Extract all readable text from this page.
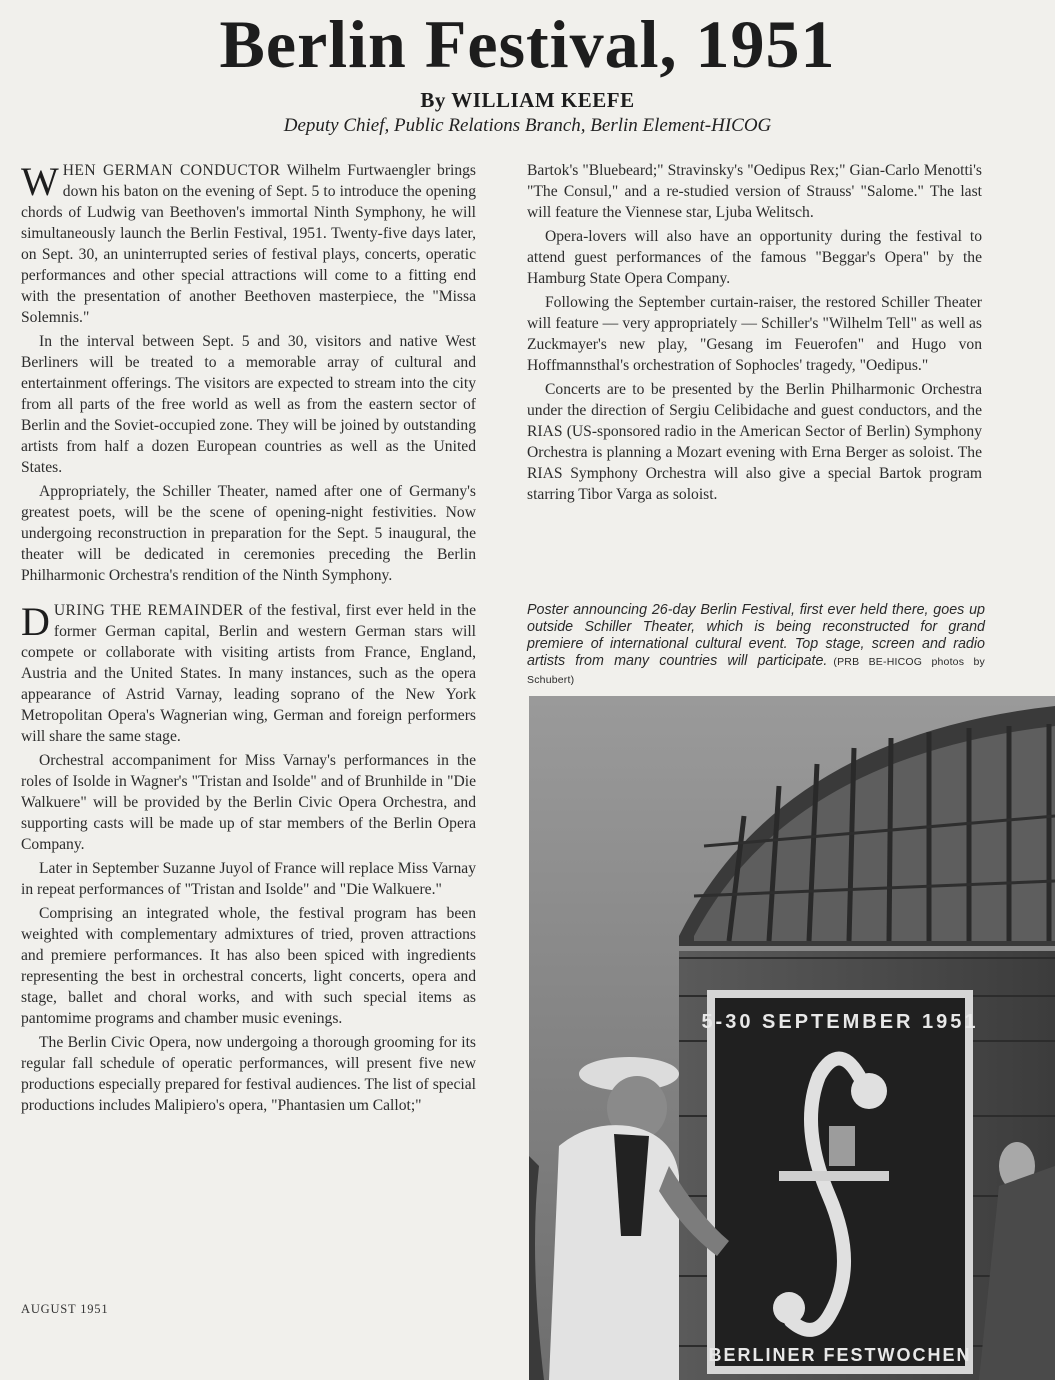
Berlin Festival, 1951
By WILLIAM KEEFE
Deputy Chief, Public Relations Branch, Berlin Element-HICOG

WHEN GERMAN CONDUCTOR Wilhelm Furtwaengler brings down his baton on the evening of Sept. 5 to introduce the opening chords of Ludwig van Beethoven's immortal Ninth Symphony, he will simultaneously launch the Berlin Festival, 1951. Twenty-five days later, on Sept. 30, an uninterrupted series of festival plays, concerts, operatic performances and other special attractions will come to a fitting end with the presentation of another Beethoven masterpiece, the "Missa Solemnis."

In the interval between Sept. 5 and 30, visitors and native West Berliners will be treated to a memorable array of cultural and entertainment offerings. The visitors are expected to stream into the city from all parts of the free world as well as from the eastern sector of Berlin and the Soviet-occupied zone. They will be joined by outstanding artists from half a dozen European countries as well as the United States.

Appropriately, the Schiller Theater, named after one of Germany's greatest poets, will be the scene of opening-night festivities. Now undergoing reconstruction in preparation for the Sept. 5 inaugural, the theater will be dedicated in ceremonies preceding the Berlin Philharmonic Orchestra's rendition of the Ninth Symphony.

DURING THE REMAINDER of the festival, first ever held in the former German capital, Berlin and western German stars will compete or collaborate with visiting artists from France, England, Austria and the United States. In many instances, such as the opera appearance of Astrid Varnay, leading soprano of the New York Metropolitan Opera's Wagnerian wing, German and foreign performers will share the same stage.

Orchestral accompaniment for Miss Varnay's performances in the roles of Isolde in Wagner's "Tristan and Isolde" and of Brunhilde in "Die Walkuere" will be provided by the Berlin Civic Opera Orchestra, and supporting casts will be made up of star members of the Berlin Opera Company.

Later in September Suzanne Juyol of France will replace Miss Varnay in repeat performances of "Tristan and Isolde" and "Die Walkuere."

Comprising an integrated whole, the festival program has been weighted with complementary admixtures of tried, proven attractions and premiere performances. It has also been spiced with ingredients representing the best in orchestral concerts, light concerts, opera and stage, ballet and choral works, and with such special items as pantomime programs and chamber music evenings.

The Berlin Civic Opera, now undergoing a thorough grooming for its regular fall schedule of operatic performances, will present five new productions especially prepared for festival audiences. The list of special productions includes Malipiero's opera, "Phantasien um Callot;"

Bartok's "Bluebeard;" Stravinsky's "Oedipus Rex;" Gian-Carlo Menotti's "The Consul," and a re-studied version of Strauss' "Salome." The last will feature the Viennese star, Ljuba Welitsch.

Opera-lovers will also have an opportunity during the festival to attend guest performances of the famous "Beggar's Opera" by the Hamburg State Opera Company.

Following the September curtain-raiser, the restored Schiller Theater will feature — very appropriately — Schiller's "Wilhelm Tell" as well as Zuckmayer's new play, "Gesang im Feuerofen" and Hugo von Hoffmannsthal's orchestration of Sophocles' tragedy, "Oedipus."

Concerts are to be presented by the Berlin Philharmonic Orchestra under the direction of Sergiu Celibidache and guest conductors, and the RIAS (US-sponsored radio in the American Sector of Berlin) Symphony Orchestra is planning a Mozart evening with Erna Berger as soloist. The RIAS Symphony Orchestra will also give a special Bartok program starring Tibor Varga as soloist.

Poster announcing 26-day Berlin Festival, first ever held there, goes up outside Schiller Theater, which is being reconstructed for grand premiere of international cultural event. Top stage, screen and radio artists from many countries will participate. (PRB BE-HICOG photos by Schubert)
5-30 SEPTEMBER 1951
BERLINER FESTWOCHEN
AUGUST 1951
